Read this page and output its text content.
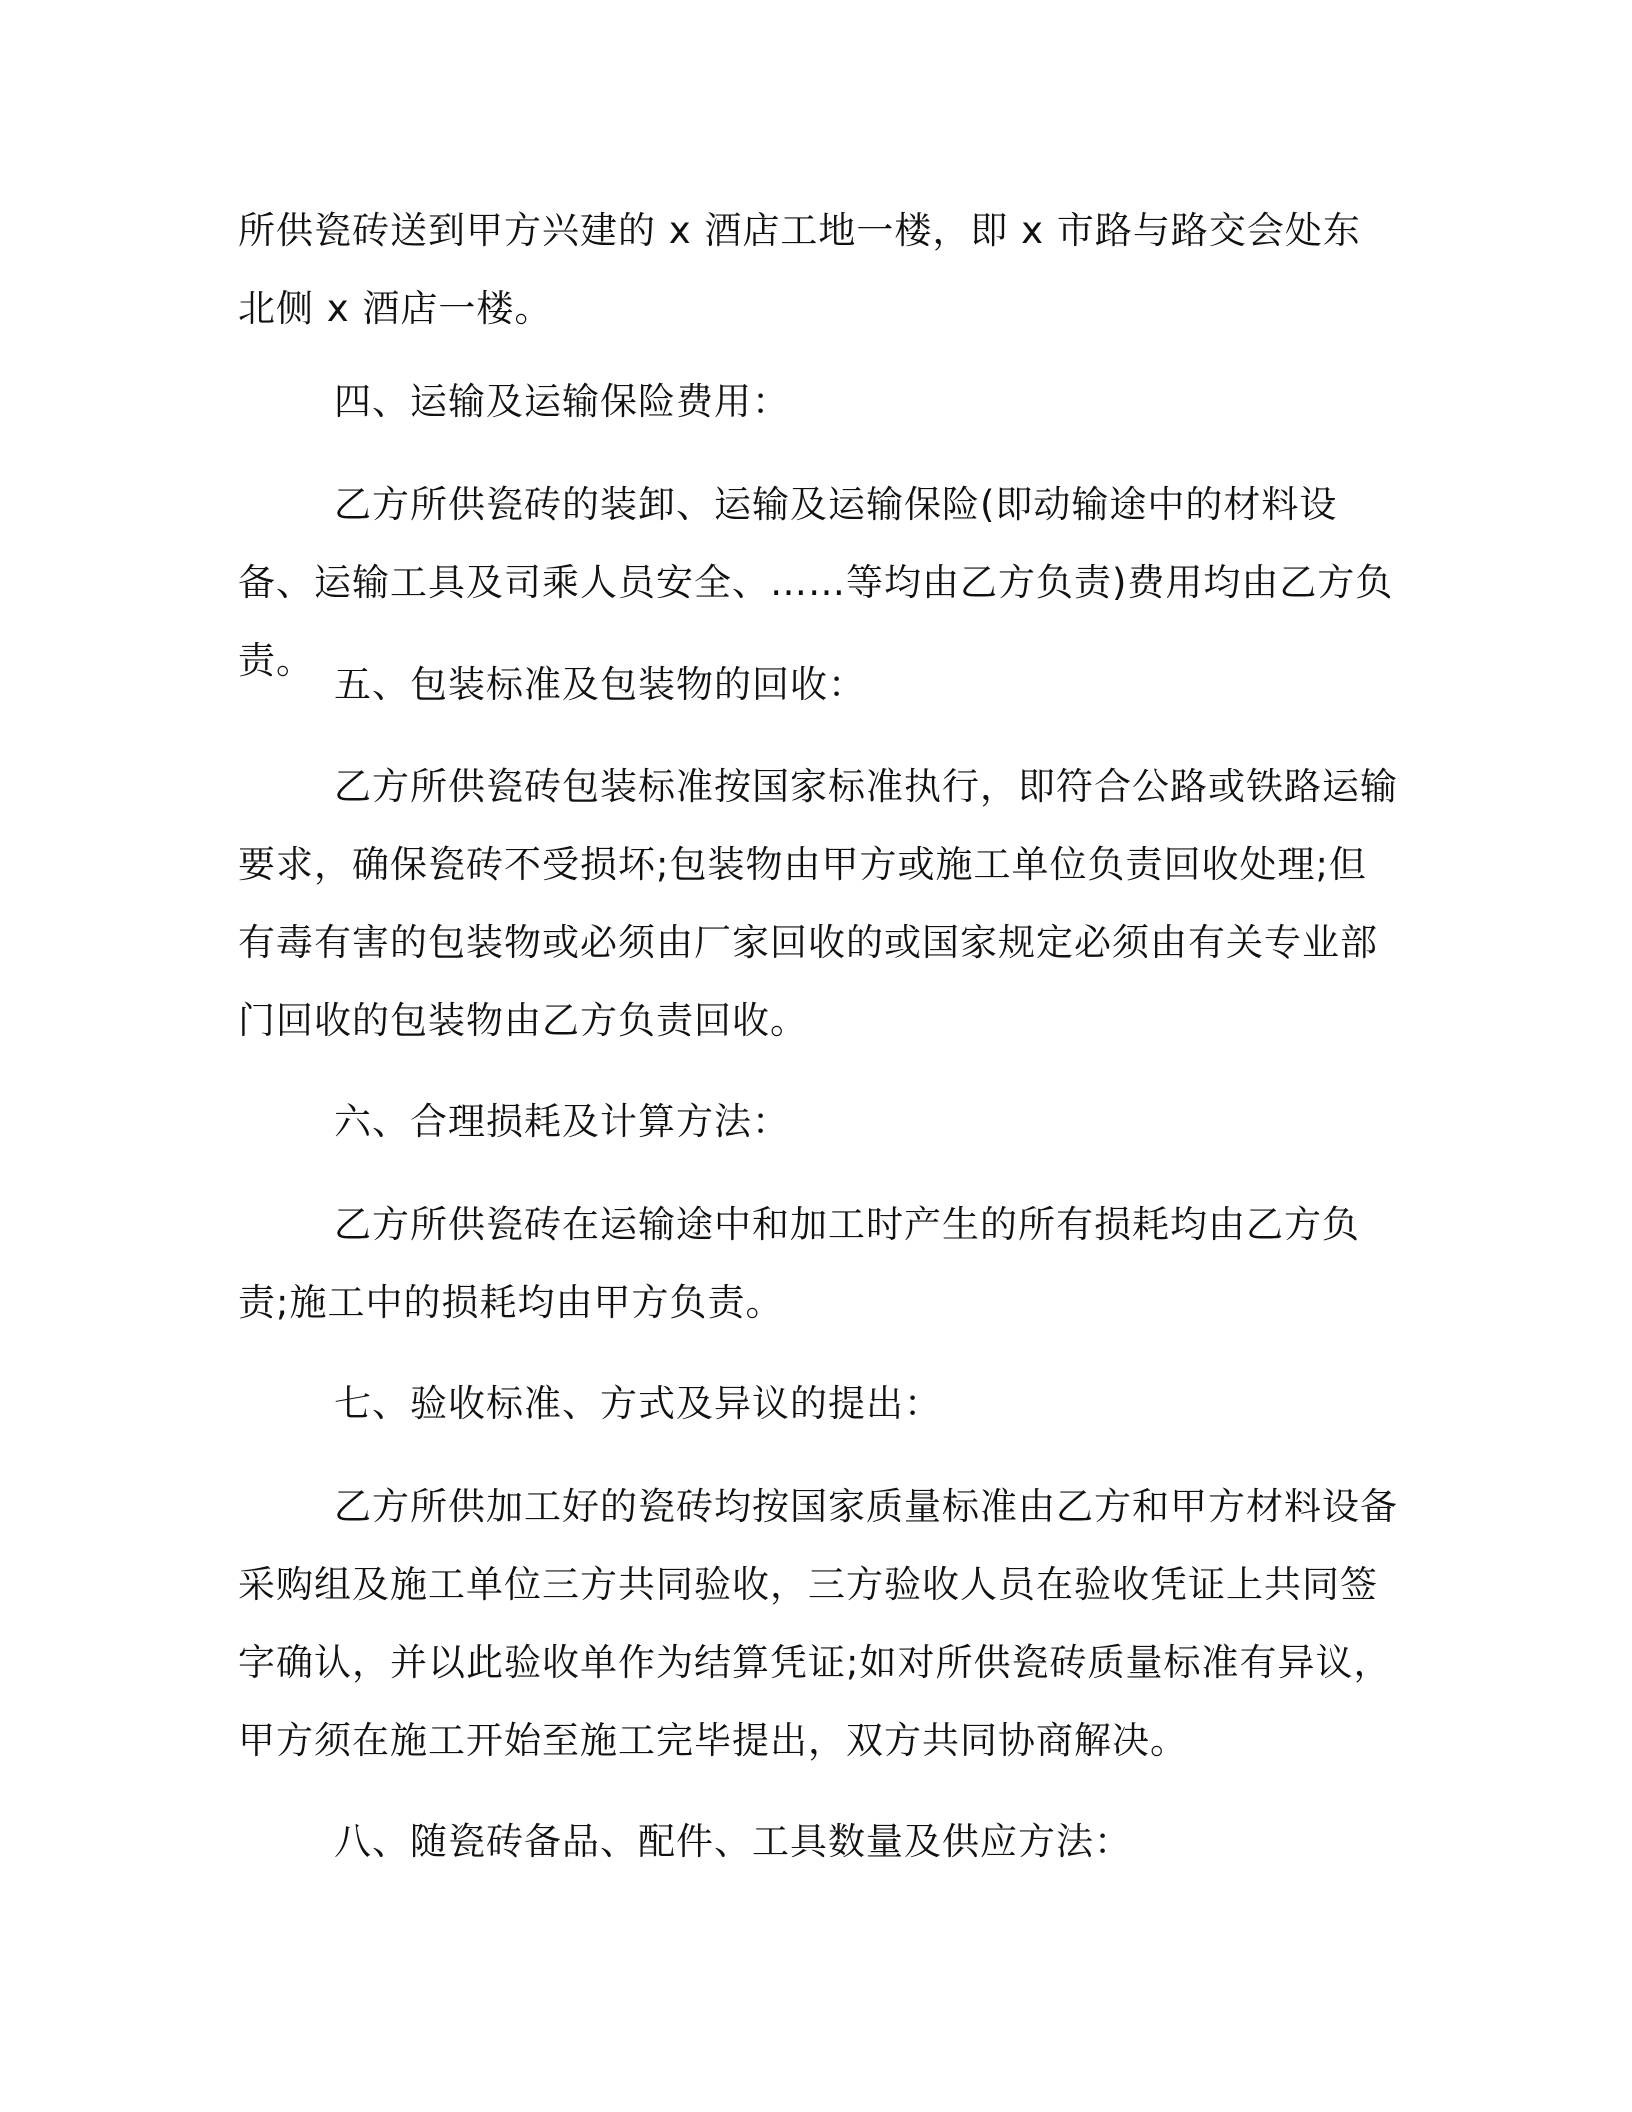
所供瓷砖送到甲方兴建的 x 酒店工地一楼，即 x 市路与路交会处东北侧 x 酒店一楼。

四、运输及运输保险费用：

乙方所供瓷砖的装卸、运输及运输保险(即动输途中的材料设备、运输工具及司乘人员安全、……等均由乙方负责)费用均由乙方负责。

五、包装标准及包装物的回收：

乙方所供瓷砖包装标准按国家标准执行，即符合公路或铁路运输要求，确保瓷砖不受损坏;包装物由甲方或施工单位负责回收处理;但有毒有害的包装物或必须由厂家回收的或国家规定必须由有关专业部门回收的包装物由乙方负责回收。

六、合理损耗及计算方法：

乙方所供瓷砖在运输途中和加工时产生的所有损耗均由乙方负责;施工中的损耗均由甲方负责。

七、验收标准、方式及异议的提出：

乙方所供加工好的瓷砖均按国家质量标准由乙方和甲方材料设备采购组及施工单位三方共同验收，三方验收人员在验收凭证上共同签字确认，并以此验收单作为结算凭证;如对所供瓷砖质量标准有异议，甲方须在施工开始至施工完毕提出，双方共同协商解决。

八、随瓷砖备品、配件、工具数量及供应方法：
